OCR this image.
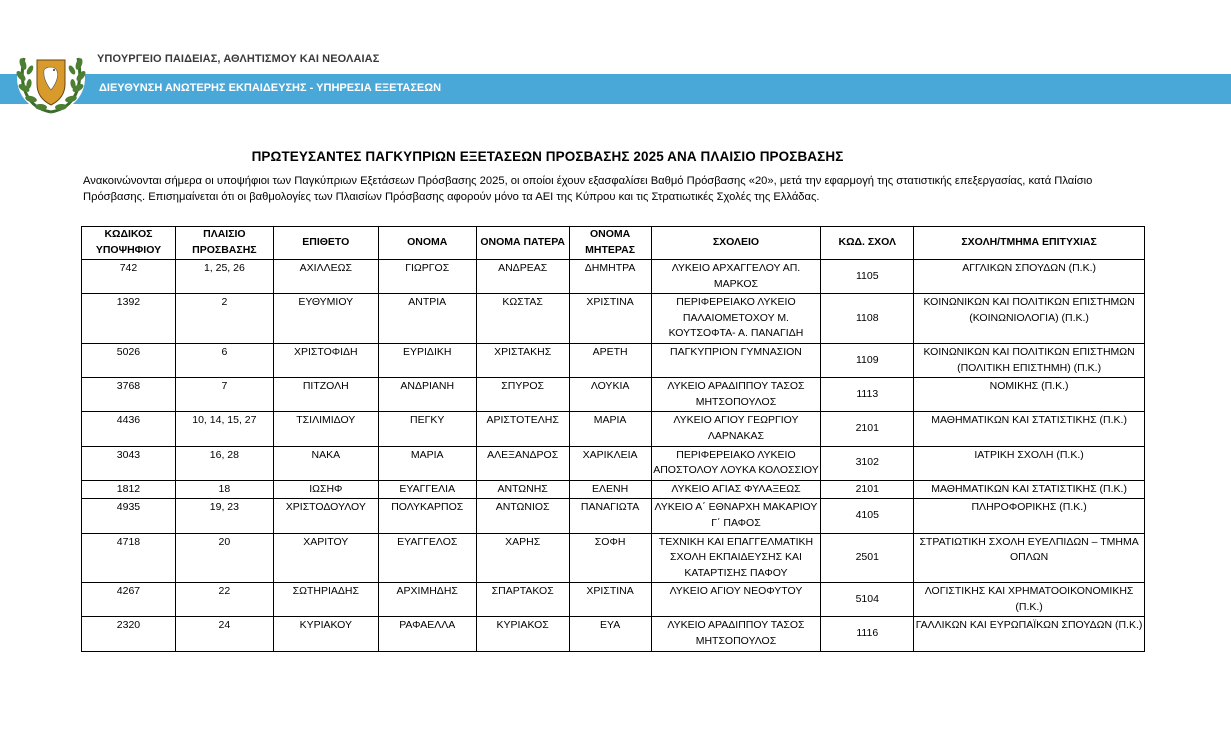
ΥΠΟΥΡΓΕΙΟ ΠΑΙΔΕΙΑΣ, ΑΘΛΗΤΙΣΜΟΥ ΚΑΙ ΝΕΟΛΑΙΑΣ
ΔΙΕΥΘΥΝΣΗ ΑΝΩΤΕΡΗΣ ΕΚΠΑΙΔΕΥΣΗΣ - ΥΠΗΡΕΣΙΑ ΕΞΕΤΑΣΕΩΝ
ΠΡΩΤΕΥΣΑΝΤΕΣ ΠΑΓΚΥΠΡΙΩΝ ΕΞΕΤΑΣΕΩΝ ΠΡΟΣΒΑΣΗΣ 2025 ΑΝΑ ΠΛΑΙΣΙΟ ΠΡΟΣΒΑΣΗΣ
Ανακοινώνονται σήμερα οι υποψήφιοι των Παγκύπριων Εξετάσεων Πρόσβασης 2025, οι οποίοι έχουν εξασφαλίσει Βαθμό Πρόσβασης «20», μετά την εφαρμογή της στατιστικής επεξεργασίας, κατά Πλαίσιο Πρόσβασης. Επισημαίνεται ότι οι βαθμολογίες των Πλαισίων Πρόσβασης αφορούν μόνο τα ΑΕΙ της Κύπρου και τις Στρατιωτικές Σχολές της Ελλάδας.
ΚΩΔΙΚΟΣ ΥΠΟΨΗΦΙΟΥ	ΠΛΑΙΣΙΟ ΠΡΟΣΒΑΣΗΣ	ΕΠΙΘΕΤΟ	ΟΝΟΜΑ	ΟΝΟΜΑ ΠΑΤΕΡΑ	ΟΝΟΜΑ ΜΗΤΕΡΑΣ	ΣΧΟΛΕΙΟ	ΚΩΔ. ΣΧΟΛ	ΣΧΟΛΗ/ΤΜΗΜΑ ΕΠΙΤΥΧΙΑΣ
742	1, 25, 26	ΑΧΙΛΛΕΩΣ	ΓΙΩΡΓΟΣ	ΑΝΔΡΕΑΣ	ΔΗΜΗΤΡΑ	ΛΥΚΕΙΟ ΑΡΧΑΓΓΕΛΟΥ ΑΠ. ΜΑΡΚΟΣ	1105	ΑΓΓΛΙΚΩΝ ΣΠΟΥΔΩΝ (Π.Κ.)
1392	2	ΕΥΘΥΜΙΟΥ	ΑΝΤΡΙΑ	ΚΩΣΤΑΣ	ΧΡΙΣΤΙΝΑ	ΠΕΡΙΦΕΡΕΙΑΚΟ ΛΥΚΕΙΟ ΠΑΛΑΙΟΜΕΤΟΧΟΥ Μ. ΚΟΥΤΣΟΦΤΑ- Α. ΠΑΝΑΓΙΔΗ	1108	ΚΟΙΝΩΝΙΚΩΝ ΚΑΙ ΠΟΛΙΤΙΚΩΝ ΕΠΙΣΤΗΜΩΝ (ΚΟΙΝΩΝΙΟΛΟΓΙΑ) (Π.Κ.)
5026	6	ΧΡΙΣΤΟΦΙΔΗ	ΕΥΡΙΔΙΚΗ	ΧΡΙΣΤΑΚΗΣ	ΑΡΕΤΗ	ΠΑΓΚΥΠΡΙΟΝ ΓΥΜΝΑΣΙΟΝ	1109	ΚΟΙΝΩΝΙΚΩΝ ΚΑΙ ΠΟΛΙΤΙΚΩΝ ΕΠΙΣΤΗΜΩΝ (ΠΟΛΙΤΙΚΗ ΕΠΙΣΤΗΜΗ) (Π.Κ.)
3768	7	ΠΙΤΖΟΛΗ	ΑΝΔΡΙΑΝΗ	ΣΠΥΡΟΣ	ΛΟΥΚΙΑ	ΛΥΚΕΙΟ ΑΡΑΔΙΠΠΟΥ ΤΑΣΟΣ ΜΗΤΣΟΠΟΥΛΟΣ	1113	ΝΟΜΙΚΗΣ (Π.Κ.)
4436	10, 14, 15, 27	ΤΣΙΛΙΜΙΔΟΥ	ΠΕΓΚΥ	ΑΡΙΣΤΟΤΕΛΗΣ	ΜΑΡΙΑ	ΛΥΚΕΙΟ ΑΓΙΟΥ ΓΕΩΡΓΙΟΥ ΛΑΡΝΑΚΑΣ	2101	ΜΑΘΗΜΑΤΙΚΩΝ ΚΑΙ ΣΤΑΤΙΣΤΙΚΗΣ (Π.Κ.)
3043	16, 28	ΝΑΚΑ	ΜΑΡΙΑ	ΑΛΕΞΑΝΔΡΟΣ	ΧΑΡΙΚΛΕΙΑ	ΠΕΡΙΦΕΡΕΙΑΚΟ ΛΥΚΕΙΟ ΑΠΟΣΤΟΛΟΥ ΛΟΥΚΑ ΚΟΛΟΣΣΙΟΥ	3102	ΙΑΤΡΙΚΗ ΣΧΟΛΗ (Π.Κ.)
1812	18	ΙΩΣΗΦ	ΕΥΑΓΓΕΛΙΑ	ΑΝΤΩΝΗΣ	ΕΛΕΝΗ	ΛΥΚΕΙΟ ΑΓΙΑΣ ΦΥΛΑΞΕΩΣ	2101	ΜΑΘΗΜΑΤΙΚΩΝ ΚΑΙ ΣΤΑΤΙΣΤΙΚΗΣ (Π.Κ.)
4935	19, 23	ΧΡΙΣΤΟΔΟΥΛΟΥ	ΠΟΛΥΚΑΡΠΟΣ	ΑΝΤΩΝΙΟΣ	ΠΑΝΑΓΙΩΤΑ	ΛΥΚΕΙΟ Α΄ ΕΘΝΑΡΧΗ ΜΑΚΑΡΙΟΥ Γ΄ ΠΑΦΟΣ	4105	ΠΛΗΡΟΦΟΡΙΚΗΣ (Π.Κ.)
4718	20	ΧΑΡΙΤΟΥ	ΕΥΑΓΓΕΛΟΣ	ΧΑΡΗΣ	ΣΟΦΗ	ΤΕΧΝΙΚΗ ΚΑΙ ΕΠΑΓΓΕΛΜΑΤΙΚΗ ΣΧΟΛΗ ΕΚΠΑΙΔΕΥΣΗΣ ΚΑΙ ΚΑΤΑΡΤΙΣΗΣ ΠΑΦΟΥ	2501	ΣΤΡΑΤΙΩΤΙΚΗ ΣΧΟΛΗ ΕΥΕΛΠΙΔΩΝ – ΤΜΗΜΑ ΟΠΛΩΝ
4267	22	ΣΩΤΗΡΙΑΔΗΣ	ΑΡΧΙΜΗΔΗΣ	ΣΠΑΡΤΑΚΟΣ	ΧΡΙΣΤΙΝΑ	ΛΥΚΕΙΟ ΑΓΙΟΥ ΝΕΟΦΥΤΟΥ	5104	ΛΟΓΙΣΤΙΚΗΣ ΚΑΙ ΧΡΗΜΑΤΟΟΙΚΟΝΟΜΙΚΗΣ (Π.Κ.)
2320	24	ΚΥΡΙΑΚΟΥ	ΡΑΦΑΕΛΛΑ	ΚΥΡΙΑΚΟΣ	ΕΥΑ	ΛΥΚΕΙΟ ΑΡΑΔΙΠΠΟΥ ΤΑΣΟΣ ΜΗΤΣΟΠΟΥΛΟΣ	1116	ΓΑΛΛΙΚΩΝ ΚΑΙ ΕΥΡΩΠΑΪΚΩΝ ΣΠΟΥΔΩΝ (Π.Κ.)
